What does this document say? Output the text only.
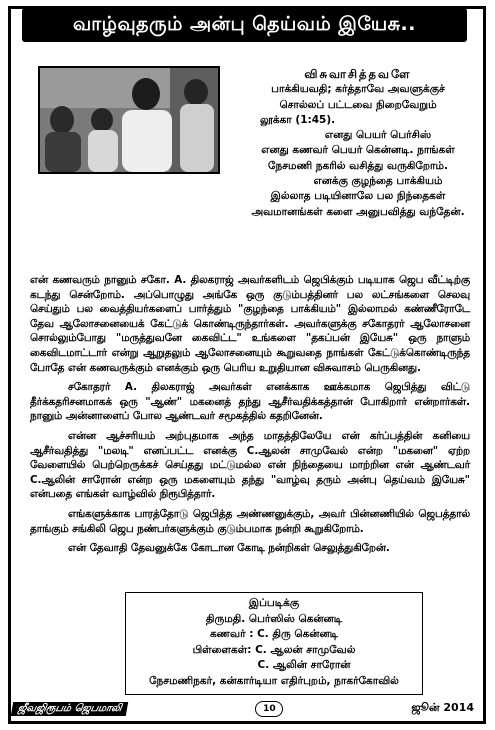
வாழ்வுதரும் அன்பு தெய்வம் இயேசு..
விசுவாசித்தவளே
பாக்கியவதி; கர்த்தாவே அவளுக்குச்
சொல்லப் பட்டவை நிறைவேறும்
லூக்கா (1:45).
எனது பெயர் பெர்சிஸ்
எனது கணவர் பெயர் கென்னடி. நாங்கள்
நேசமணி நகரில் வசித்து வருகிறோம்.
எனக்கு குழந்தை பாக்கியம்
இல்லாத படியினாலே பல நிந்தைகள்
அவமானங்கள் களை அனுபவித்து வந்தேன்.

என் கணவரும் நானும் சகோ. A. திலகராஜ் அவர்களிடம் ஜெபிக்கும் படியாக ஜெப வீட்டிற்கு கடந்து சென்றோம். அப்பொழுது அங்கே ஒரு குடும்பத்தினர் பல லட்சங்களை செலவு செய்தும் பல வைத்தியர்களைப் பார்த்தும் "குழந்தை பாக்கியம்" இல்லாமல் கண்ணீரோடே தேவ ஆலோசனையைக் கேட்டுக் கொண்டிருந்தார்கள். அவர்களுக்கு சகோதரர் ஆலோசனை சொல்லும்போது "மருத்துவனே கைவிட்ட" உங்களை "தகப்பன் இயேசு" ஒரு நாளும் கைவிடமாட்டார் என்று ஆறுதலும் ஆலோசனையும் கூறுவதை நாங்கள் கேட்டுக்கொண்டிருந்த போதே என் கணவருக்கும் எனக்கும் ஒரு பெரிய உறுதியான விசுவாசம் பெருகினது.

சகோதரர் A. திலகராஜ் அவர்கள் எனக்காக ஊக்கமாக ஜெபித்து விட்டு தீர்க்கதரிசனமாகக் ஒரு "ஆண்" மகனைத் தந்து ஆசீர்வதிக்கத்தான் போகிறார் என்றார்கள். நானும் அன்னாளைப் போல ஆண்டவர் சமூகத்தில் கதறினேன்.

என்ன ஆச்சரியம் அற்புதமாக அந்த மாதத்திலேயே என் கர்ப்பத்தின் கனியை ஆசீர்வதித்து "மலடி" எனப்பட்ட எனக்கு C.ஆலன் சாமுவேல் என்ற "மகனை" ஏற்ற வேளையில் பெற்றெருக்கச் செய்தது மட்டுமல்ல என் நிந்தையை மாற்றின என் ஆண்டவர் C.ஆலின் சாரோன் என்ற ஒரு மகளையும் தந்து "வாழ்வு தரும் அன்பு தெய்வம் இயேசு" என்பதை எங்கள் வாழ்வில் நிரூபித்தார்.

எங்களுக்காக பாரத்தோடு ஜெபித்த அண்ணனுக்கும், அவர் பின்னணியில் ஜெபத்தால் தாங்கும் சங்கிலி ஜெப நண்பர்களுக்கும் குடும்பமாக நன்றி கூறுகிறோம்.

என் தேவாதி தேவனுக்கே கோடான கோடி நன்றிகள் செலுத்துகிறேன்.

இப்படிக்கு
திருமதி. பெர்ஸிஸ் கென்னடி
கணவர் : C. திரு கென்னடி
பிள்ளைகள்: C. ஆலன் சாமுவேல்
C. ஆலின் சாரோன்
நேசமணிநகர், கன்கார்டியா எதிர்புறம், நாகர்கோவில்
ஜீவஜிரூபம் ஜெபமாலி	10	ஜூன் 2014
